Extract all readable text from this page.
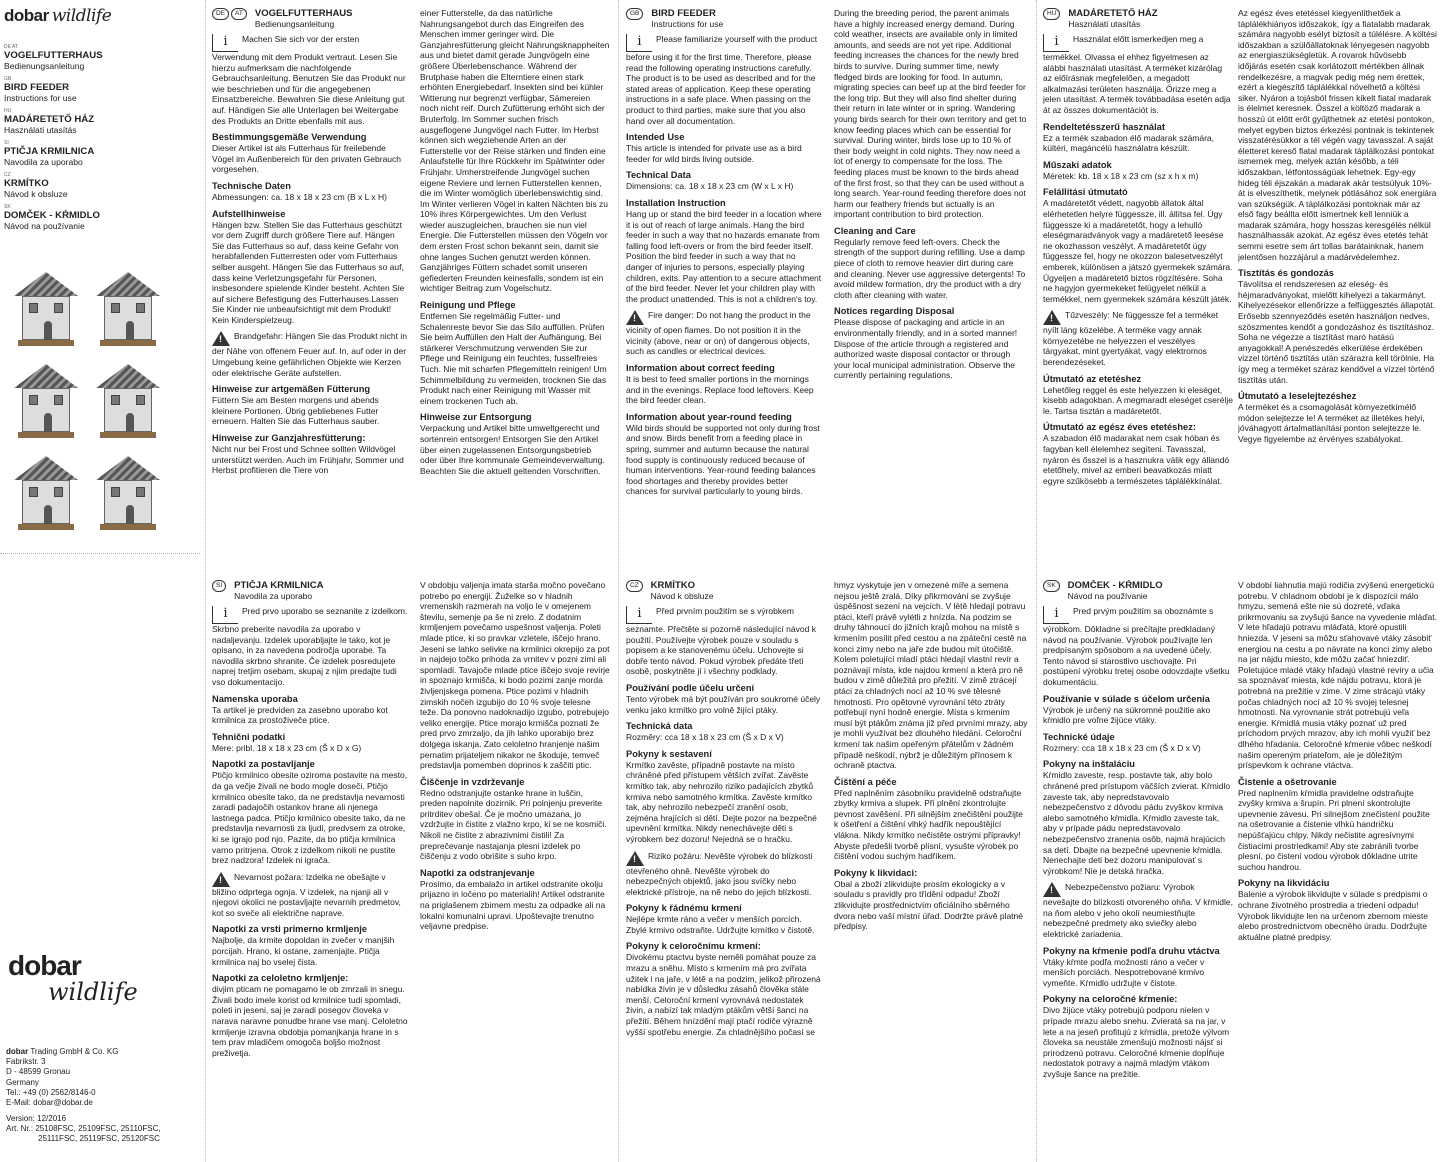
dobar wildlife
DE AT
VOGELFUTTERHAUS
Bedienungsanleitung
GB
BIRD FEEDER
Instructions for use
HU
MADÁRETETŐ HÁZ
Használati utasítás
SI
PTIČJA KRMILNICA
Navodila za uporabo
CZ
KRMÍTKO
Návod k obsluze
SK
DOMČEK - KŔMIDLO
Návod na používanie
dobar
wildlife
dobar Trading GmbH & Co. KG
Fabrikstr. 3
D - 48599 Gronau
Germany
Tel.: +49 (0) 2562/8146-0
E-Mail: dobar@dobar.de
Version: 12/2016
Art. Nr.: 25108FSC, 25109FSC, 25110FSC,
25111FSC, 25119FSC, 25120FSC
DE	AT	VOGELFUTTERHAUS
Bedienungsanleitung

i Machen Sie sich vor der ersten Verwendung mit dem Produkt vertraut. Lesen Sie hierzu aufmerksam die nachfolgende Gebrauchsanleitung. Benutzen Sie das Produkt nur wie beschrieben und für die angegebenen Einsatzbereiche. Bewahren Sie diese Anleitung gut auf. Händigen Sie alle Unterlagen bei Weitergabe des Produkts an Dritte ebenfalls mit aus.

Bestimmungsgemäße Verwendung

Dieser Artikel ist als Futterhaus für freilebende Vögel im Außenbereich für den privaten Gebrauch vorgesehen.

Technische Daten

Abmessungen: ca. 18 x 18 x 23 cm (B x L x H)

Aufstellhinweise

Hängen bzw. Stellen Sie das Futterhaus geschützt vor dem Zugriff durch größere Tiere auf. Hängen Sie das Futterhaus so auf, dass keine Gefahr von herabfallenden Futterresten oder vom Futterhaus selber ausgeht. Hängen Sie das Futterhaus so auf, dass keine Verletzungsgefahr für Personen, insbesondere spielende Kinder besteht. Achten Sie auf sichere Befestigung des Futterhauses.Lassen Sie Kinder nie unbeaufsichtigt mit dem Produkt! Kein Kinderspielzeug.

!Brandgefahr: Hängen Sie das Produkt nicht in der Nähe von offenem Feuer auf. In, auf oder in der Umgebung keine gefährlichen Objekte wie Kerzen oder elektrische Geräte aufstellen.

Hinweise zur artgemäßen Fütterung

Füttern Sie am Besten morgens und abends kleinere Portionen. Übrig gebliebenes Futter erneuern. Halten Sie das Futterhaus sauber.

Hinweise zur Ganzjahresfütterung:

Nicht nur bei Frost und Schnee sollten Wildvögel unterstützt werden. Auch im Frühjahr, Sommer und Herbst profitieren die Tiere von

einer Futterstelle, da das natürliche Nahrungsangebot durch das Eingreifen des Menschen immer geringer wird. Die Ganzjahresfütterung gleicht Nahrungsknappheiten aus und bietet damit gerade Jungvögeln eine größere Überlebenschance. Während der Brutphase haben die Elterntiere einen stark erhöhten Energiebedarf. Insekten sind bei kühler Witterung nur begrenzt verfügbar, Sämereien noch nicht reif. Durch Zufütterung erhöht sich der Bruterfolg. Im Sommer suchen frisch ausgeflogene Jungvögel nach Futter. Im Herbst können sich wegziehende Arten an der Futterstelle vor der Reise stärken und finden eine Anlaufstelle für Ihre Rückkehr im Spätwinter oder Frühjahr. Umherstreifende Jungvögel suchen eigene Reviere und lernen Futterstellen kennen, die im Winter womöglich überlebenswichtig sind. Im Winter verlieren Vögel in kalten Nächten bis zu 10% ihres Körpergewichtes. Um den Verlust wieder auszugleichen, brauchen sie nun viel Energie. Die Futterstellen müssen den Vögeln vor dem ersten Frost schon bekannt sein, damit sie ohne langes Suchen genutzt werden können. Ganzjähriges Füttern schadet somit unseren gefiederten Freunden keinesfalls, sondern ist ein wichtiger Beitrag zum Vogelschutz.

Reinigung und Pflege

Entfernen Sie regelmäßig Futter- und Schalenreste bevor Sie das Silo auffüllen. Prüfen Sie beim Auffüllen den Halt der Aufhängung. Bei stärkerer Verschmutzung verwenden Sie zur Pflege und Reinigung ein feuchtes, fusselfreies Tuch. Nie mit scharfen Pflegemitteln reinigen! Um Schimmelbildung zu vermeiden, trocknen Sie das Produkt nach einer Reinigung mit Wasser mit einem trockenen Tuch ab.

Hinweise zur Entsorgung

Verpackung und Artikel bitte umweltgerecht und sortenrein entsorgen! Entsorgen Sie den Artikel über einen zugelassenen Entsorgungsbetrieb oder über Ihre kommunale Gemeindeverwaltung. Beachten Sie die aktuell geltenden Vorschriften.

GB	BIRD FEEDER
Instructions for use

i Please familiarize yourself with the product before using it for the first time. Therefore, please read the following operating instructions carefully. The product is to be used as described and for the stated areas of application. Keep these operating instructions in a safe place. When passing on the product to third parties, make sure that you also hand over all documentation.

Intended Use

This article is intended for private use as a bird feeder for wild birds living outside.

Technical Data

Dimensions: ca. 18 x 18 x 23 cm (W x L x H)

Installation Instruction

Hang up or stand the bird feeder in a location where it is out of reach of large animals. Hang the bird feeder in such a way that no hazards emanate from falling food left-overs or from the bird feeder itself. Position the bird feeder in such a way that no danger of injuries to persons, especially playing children, exits. Pay attention to a secure attachment of the bird feeder. Never let your children play with the product unattended. This is not a children's toy.

!Fire danger: Do not hang the product in the vicinity of open flames. Do not position it in the vicinity (above, near or on) of dangerous objects, such as candles or electrical devices.

Information about correct feeding

It is best to feed smaller portions in the mornings and in the evenings. Replace food leftovers. Keep the bird feeder clean.

Information about year-round feeding

Wild birds should be supported not only during frost and snow. Birds benefit from a feeding place in spring, summer and autumn because the natural food supply is continuously reduced because of human interventions. Year-round feeding balances food shortages and thereby provides better chances for survival particularly to young birds.

During the breeding period, the parent animals have a highly increased energy demand. During cold weather, insects are available only in limited amounts, and seeds are not yet ripe. Additional feeding increases the chances for the newly bred birds to survive. During summer time, newly fledged birds are looking for food. In autumn, migrating species can beef up at the bird feeder for the long trip. But they will also find shelter during their return in late winter or in spring. Wandering young birds search for their own territory and get to know feeding places which can be essential for survival. During winter, birds lose up to 10 % of their body weight in cold nights. They now need a lot of energy to compensate for the loss. The feeding places must be known to the birds ahead of the first frost, so that they can be used without a long search. Year-round feeding therefore does not harm our feathery friends but actually is an important contribution to bird protection.

Cleaning and Care

Regularly remove feed left-overs. Check the strength of the support during refilling. Use a damp piece of cloth to remove heavier dirt during care and cleaning. Never use aggressive detergents! To avoid mildew formation, dry the product with a dry cloth after cleaning with water.

Notices regarding Disposal

Please dispose of packaging and article in an environmentally friendly, and in a sorted manner! Dispose of the article through a registered and authorized waste disposal contactor or through your local municipal administration. Observe the currently pertaining regulations.

HU	MADÁRETETŐ HÁZ
Használati utasítás

i Használat előtt ismerkedjen meg a termékkel. Olvassa el ehhez figyelmesen az alábbi használati utasítást. A terméket kizárólag az előírásnak megfelelően, a megadott alkalmazási területen használja. Őrizze meg a jelen utasítást. A termék továbbadása esetén adja át az összes dokumentációt is.

Rendeltetésszerű használat

Ez a termék szabadon élő madarak számára, kültéri, magáncélú használatra készült.

Műszaki adatok

Méretek: kb. 18 x 18 x 23 cm (sz x h x m)

Felállítási útmutató

A madáretetőt védett, nagyobb állatok által elérhetetlen helyre függessze, ill. állítsa fel. Úgy függessze ki a madáretetőt, hogy a lehulló eleségmaradványok vagy a madáretető leesése ne okozhasson veszélyt. A madáretetőt úgy függessze fel, hogy ne okozzon balesetveszélyt emberek, különösen a játszó gyermekek számára. Ügyeljen a madáretető biztos rögzítésére. Soha ne hagyjon gyermekeket felügyelet nélkül a termékkel, nem gyermekek számára készült játék.

!Tűzveszély: Ne függessze fel a terméket nyílt láng közelébe. A terméke vagy annak környezetébe ne helyezzen el veszélyes tárgyakat, mint gyertyákat, vagy elektromos berendezéseket.

Útmutató az etetéshez

Lehetőleg reggel és este helyezzen ki eleséget, kisebb adagokban. A megmaradt eleséget cserélje le. Tartsa tisztán a madáretetőt.

Útmutató az egész éves etetéshez:

A szabadon élő madarakat nem csak hóban és fagyban kell élelemhez segíteni. Tavasszal, nyáron és ősszel is a hasznukra válik egy állandó etetőhely, mivel az emberi beavatkozás miatt egyre szűkösebb a természetes táplálékkínálat.

Az egész éves etetéssel kiegyenlíthetőek a táplálékhiányos időszakok, így a fiatalabb madarak számára nagyobb esélyt biztosít a túlélésre. A költési időszakban a szülőállatoknak lényegesen nagyobb az energiaszükségletük. A rovarok hűvösebb időjárás esetén csak korlátozott mértékben állnak rendelkezésre, a magvak pedig még nem érettek, ezért a kiegészítő táplálékkal növelhető a költési siker. Nyáron a tojásból frissen kikelt fiatal madarak is élelmet keresnek. Ősszel a költöző madarak a hosszú út előtt erőt gyűjthetnek az etetési pontokon, melyet egyben biztos érkezési pontnak is tekintenek visszatérésükkor a tél végén vagy tavasszal. A saját életteret kereső fiatal madarak táplálkozási pontokat ismernek meg, melyek aztán később, a téli időszakban, létfontosságúak lehetnek. Egy-egy hideg téli éjszakán a madarak akár testsúlyuk 10%-át is elveszíthetik, melynek pótlásához sok energiára van szükségük. A táplálkozási pontoknak már az első fagy beállta előtt ismertnek kell lenniük a madarak számára, hogy hosszas keresgélés nélkül használhassák azokat. Az egész éves etetés tehát semmi esetre sem árt tollas barátainknak, hanem jelentősen hozzájárul a madárvédelemhez.

Tisztítás és gondozás

Távolítsa el rendszeresen az eleség- és héjmaradványokat, mielőtt kihelyezi a takarmányt. Kihelyezésekor ellenőrizze a felfüggesztés állapotát. Erősebb szennyeződés esetén használjon nedves, szöszmentes kendőt a gondozáshoz és tisztításhoz. Soha ne végezze a tisztítást maró hatású anyagokkal! A penészedés elkerülése érdekében vizzel történő tisztítás után szárazra kell törölnie. Ha így meg a terméket száraz kendővel a vízzel történő tisztítás után.

Útmutató a leselejtezéshez

A terméket és a csomagolását környezetkímélő módon selejtezze le! A terméket az illetékes helyi, jóváhagyott ártalmatlanítási ponton selejtezze le. Vegye figyelembe az érvényes szabályokat.

SI	PTIČJA KRMILNICA
Navodila za uporabo

i Pred prvo uporabo se seznanite z izdelkom. Skrbno preberite navodila za uporabo v nadaljevanju. Izdelek uporabljajte le tako, kot je opisano, in za navedena področja uporabe. Ta navodila skrbno shranite. Če izdelek posredujete naprej tretjim osebam, skupaj z njim predajte tudi vso dokumentacijo.

Namenska uporaba

Ta artikel je predviden za zasebno uporabo kot krmilnica za prostoživeče ptice.

Tehnični podatki

Mere: pribl. 18 x 18 x 23 cm (Š x D x G)

Napotki za postavljanje

Ptičjo krmilnico obesite oziroma postavite na mesto, da ga večje živali ne bodo mogle doseči. Ptičjo krmilnico obesite tako, da ne predstavlja nevarnosti zaradi padajočih ostankov hrane ali njenega lastnega padca. Ptičjo krmilnico obesite tako, da ne predstavlja nevarnosti za ljudi, predvsem za otroke, ki se igrajo pod njo. Pazite, da bo ptičja krmilnica varno pritrjena. Otrok z izdelkom nikoli ne pustite brez nadzora! Izdelek ni igrača.

!Nevarnost požara: Izdelka ne obešajte v bližino odprtega ognja. V izdelek, na njanji ali v njegovi okolici ne postavljajte nevarnih predmetov, kot so sveče ali električne naprave.

Napotki za vrsti primerno krmljenje

Najbolje, da krmite dopoldan in zvečer v manjših porcijah. Hrano, ki ostane, zamenjajte. Ptičja krmilnica naj bo vselej čista.

Napotki za celoletno krmljenje:

divjim pticam ne pomagamo le ob zmrzali in snegu. Živali bodo imele korist od krmilnice tudi spomladi, poleti in jeseni, saj je zaradi posegov človeka v narava naravne ponudbe hrane vse manj. Celoletno krmljenje izravna obdobja pomanjkanja hrane in s tem prav mladičem omogoča boljšo možnost preživetja.

V obdobju valjenja imata starša močno povečano potrebo po energiji. Žuželke so v hladnih vremenskih razmerah na voljo le v omejenem številu, semenje pa še ni zrelo. Z dodatnim krmljenjem povečamo uspešnost valjenja. Poleti mlade ptice, ki so pravkar vzletele, iščejo hrano. Jeseni se lahko selivke na krmilnici okrepijo za pot in najdejo točko prihoda za vrnitev v pozni zimi ali spomladi. Tavajoče mlade ptice iščejo svoje revirje in spoznajo krmišča, ki bodo pozimi zanje morda življenjskega pomena. Ptice pozimi v hladnih zimskih nočeh izgubijo do 10 % svoje telesne teže. Da ponovno nadoknadijo izgubo, potrebujejo veliko energije. Ptice morajo krmišča poznati že pred prvo zmrzaljo, da jih lahko uporabijo brez dolgega iskanja. Zato celoletno hranjenje našim pernatim prijateljem nikakor ne škoduje, temveč predstavlja pomemben doprinos k zaščiti ptic.

Čiščenje in vzdrževanje

Redno odstranjujte ostanke hrane in luščin, preden napolnite dozirnik. Pri polnjenju preverite pritrditev obešal. Če je močno umazana, jo vzdržujte in čistite z vlažno krpo, ki se ne kosmiči. Nikoli ne čistite z abrazivnimi čistili! Za preprečevanje nastajanja plesni izdelek po čiščenju z vodo obrišite s suho krpo.

Napotki za odstranjevanje

Prosimo, da embalažo in artikel odstranite okolju prijazno in ločeno po materialih! Artikel odstranite na priglašenem zbirnem mestu za odpadke ali na lokalni komunalni upravi. Upoštevajte trenutno veljavne predpise.

CZ	KRMÍTKO
Návod k obsluze

i Před prvním použitím se s výrobkem seznamte. Přečtěte si pozorně následující návod k použití. Používejte výrobek pouze v souladu s popisem a ke stanovenému účelu. Uchovejte si dobře tento návod. Pokud výrobek předáte třetí osobě, poskytněte jí i všechny podklady.

Používání podle účelu určení

Tento výrobek má být používán pro soukromé účely venku jako krmítko pro volně žijící ptáky.

Technická data

Rozměry: cca 18 x 18 x 23 cm (Š x D x V)

Pokyny k sestavení

Krmítko zavěste, případně postavte na místo chráněné před přístupem větších zvířat. Zavěste krmítko tak, aby nehrozilo riziko padajících zbytků krmiva nebo samotného krmítka. Zavěste krmítko tak, aby nehrozilo nebezpečí zranění osob, zejména hrajících si dětí. Dejte pozor na bezpečné upevnění krmítka. Nikdy nenechávejte děti s výrobkem bez dozoru! Nejedná se o hračku.

!Riziko požáru: Nevěšte výrobek do blízkosti otevřeného ohně. Nevěšte výrobek do nebezpečných objektů, jako jsou svíčky nebo elektrické přístroje, na ně nebo do jejich blízkosti.

Pokyny k řádnému krmení

Nejlépe krmte ráno a večer v menších porcích. Zbylé krmivo odstraňte. Udržujte krmítko v čistotě.

Pokyny k celoročnímu krmení:

Divokému ptactvu byste neměli pomáhat pouze za mrazu a sněhu. Místo s krmením má pro zvířata užitek i na jaře, v létě a na podzim, jelikož přirozená nabídka živin je v důsledku zásahů člověka stále menší. Celoroční krmení vyrovnává nedostatek živin, a nabízí tak mladým ptákům větší šanci na přežití. Během hnízdění mají ptačí rodiče výrazně vyšší spotřebu energie. Za chladnějšího počasí se

hmyz vyskytuje jen v omezené míře a semena nejsou ještě zralá. Díky přikrmování se zvyšuje úspěšnost sezení na vejcích. V létě hledají potravu ptáci, kteří právě vylétli z hnízda. Na podzim se druhy táhnoucí do jižních krajů mohou na místě s krmením posílit před cestou a na zpáteční cestě na konci zimy nebo na jaře zde budou mít útočiště. Kolem poletující mladí ptáci hledají vlastní revír a poznávají místa, kde najdou krmení a která pro ně budou v zimě důležitá pro přežití. V zimě ztrácejí ptáci za chladných nocí až 10 % své tělesné hmotnosti. Pro opětovné vyrovnání této ztráty potřebují nyní hodně energie. Místa s krmením musí být ptákům známa již před prvními mrazy, aby je mohli využívat bez dlouhého hledání. Celoroční krmení tak našim opeřeným přátelům v žádném případě neškodí, nýbrž je důležitým přínosem k ochraně ptactva.

Čištění a péče

Před naplněním zásobníku pravidelně odstraňujte zbytky krmiva a slupek. Při plnění zkontrolujte pevnost zavěšení. Při silnějším znečištění použijte k ošetření a čištění vlhký hadřík nepouštějící vlákna. Nikdy krmítko nečistěte ostrými přípravky! Abyste předešli tvorbě plísní, vysušte výrobek po čištění vodou suchým hadříkem.

Pokyny k likvidaci:

Obal a zboží zlikvidujte prosím ekologicky a v souladu s pravidly pro třídění odpadu! Zboží zlikvidujte prostřednictvím oficiálního sběrného dvora nebo vaší místní úřad. Dodržte právě platné předpisy.

SK	DOMČEK - KŔMIDLO
Návod na používanie

i Pred prvým použitím sa oboznámte s výrobkom. Dôkladne si prečítajte predkladaný návod na používanie. Výrobok používajte len predpísaným spôsobom a na uvedené účely. Tento návod si starostlivo uschovajte. Pri postúpení výrobku tretej osobe odovzdajte všetku dokumentáciu.

Používanie v súlade s účelom určenia

Výrobok je určený na súkromné použitie ako kŕmidlo pre voľne žijúce vtáky.

Technické údaje

Rozmery: cca 18 x 18 x 23 cm (Š x D x V)

Pokyny na inštaláciu

Kŕmidlo zaveste, resp. postavte tak, aby bolo chránené pred prístupom väčších zvierat. Kŕmidlo zaveste tak, aby nepredstavovalo nebezpečenstvo z dôvodu pádu zvyškov krmiva alebo samotného kŕmidla. Kŕmidlo zaveste tak, aby v prípade pádu nepredstavovalo nebezpečenstvo zranenia osôb, najmä hrajúcich sa detí. Dbajte na bezpečné upevnenie kŕmidla. Nenechajte deti bez dozoru manipulovať s výrobkom! Nie je detská hračka.

!Nebezpečenstvo požiaru: Výrobok nevešajte do blízkosti otvoreného ohňa. V kŕmidle, na ňom alebo v jeho okolí neumiestňujte nebezpečné predmety ako sviečky alebo elektrické zariadenia.

Pokyny na kŕmenie podľa druhu vtáctva

Vtáky kŕmte podľa možnosti ráno a večer v menších porciách. Nespotrebované krmivo vymeňte. Kŕmidlo udržujte v čistote.

Pokyny na celoročné kŕmenie:

Divo žijúce vtáky potrebujú podporu nielen v prípade mrazu alebo snehu. Zvieratá sa na jar, v lete a na jeseň profitujú z kŕmidla, pretože výlvom človeka sa neustále zmenšujú možnosti nájsť si prirodzenú potravu. Celoročné kŕmenie dopĺňuje nedostatok potravy a najmä mladým vtákom zvyšuje šance na prežitie.

V období liahnutia majú rodičia zvýšenú energetickú potrebu. V chladnom období je k dispozícii málo hmyzu, semená ešte nie sú dozreté, vďaka prikrmovaniu sa zvyšujú šance na vyvedenie mláďat. V lete hľadajú potravu mláďatá, ktoré opustili hniezda. V jeseni sa môžu sťahovavé vtáky zásobiť energiou na cestu a po návrate na konci zimy alebo na jar nájdu miesto, kde môžu začať hniezdiť. Poletujúce mladé vtáky hľadajú vlastné revíry a učia sa spoznávať miesta, kde nájdu potravu, ktorá je potrebná na prežitie v zime. V zime strácajú vtáky počas chladných nocí až 10 % svojej telesnej hmotnosti. Na vyrovnanie strát potrebujú veľa energie. Kŕmidlá musia vtáky poznať už pred príchodom prvých mrazov, aby ich mohli využiť bez dlhého hľadania. Celoročné kŕmenie vôbec neškodí našim opereným priateľom, ale je dôležitým príspevkom k ochrane vtáctva.

Čistenie a ošetrovanie

Pred naplnením kŕmidla pravidelne odstraňujte zvyšky krmiva a šrupín. Pri plnení skontrolujte upevnenie závesu. Pri silnejšom znečistení použite na ošetrovanie a čistenie vlhkú handričku nepúšťajúcu chlpy. Nikdy nečistite agresívnymi čistiacimi prostriedkami! Aby ste zabránili tvorbe plesní, po čistení vodou výrobok dôkladne utrite suchou handrou.

Pokyny na likvidáciu

Balenie a výrobok likvidujte v súlade s predpismi o ochrane životného prostredia a triedení odpadu! Výrobok likvidujte len na určenom zbernom mieste alebo prostredníctvom obecného úradu. Dodržujte aktuálne platné predpisy.
